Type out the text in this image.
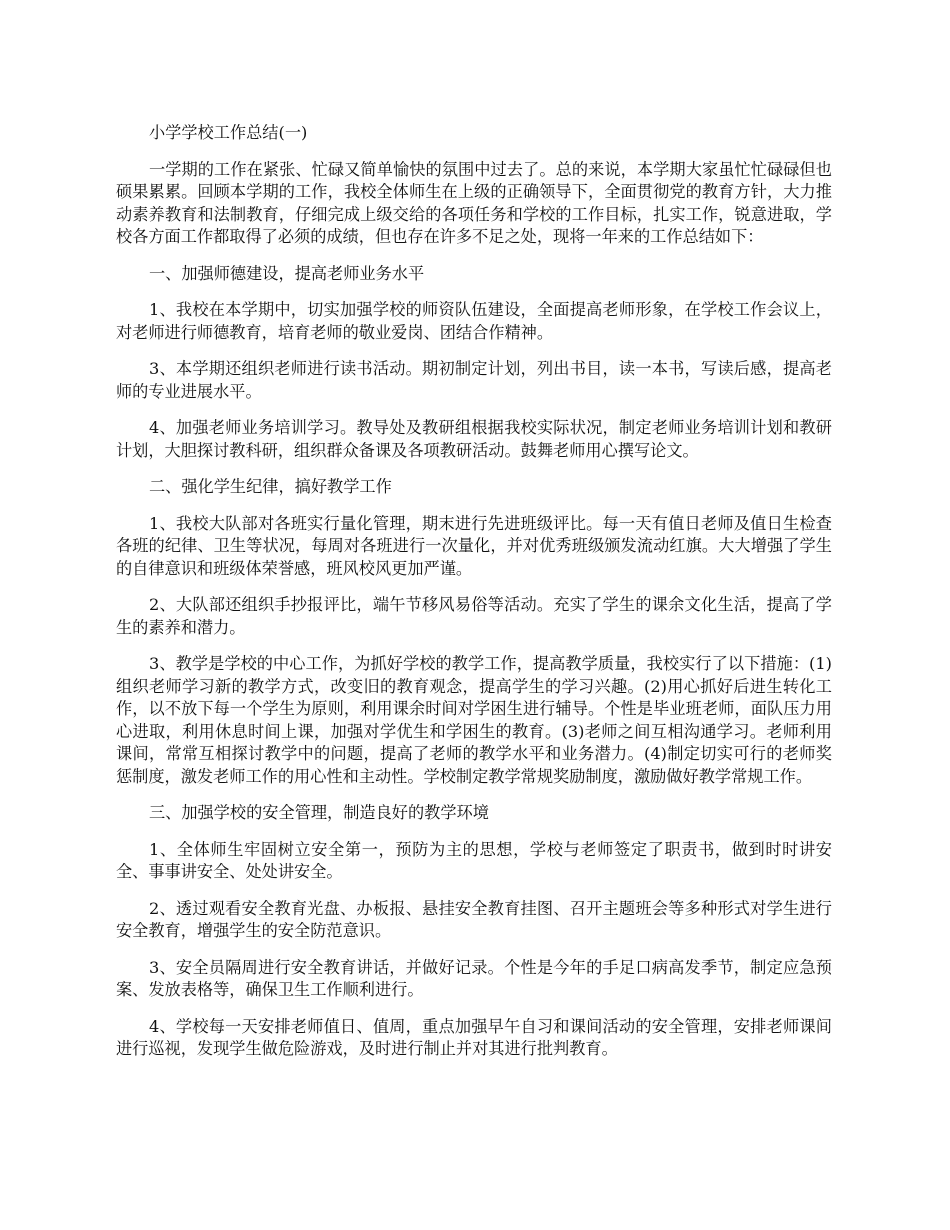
小学学校工作总结(一)

一学期的工作在紧张、忙碌又简单愉快的氛围中过去了。总的来说，本学期大家虽忙忙碌碌但也硕果累累。回顾本学期的工作，我校全体师生在上级的正确领导下，全面贯彻党的教育方针，大力推动素养教育和法制教育，仔细完成上级交给的各项任务和学校的工作目标，扎实工作，锐意进取，学校各方面工作都取得了必须的成绩，但也存在许多不足之处，现将一年来的工作总结如下：

一、加强师德建设，提高老师业务水平

1、我校在本学期中，切实加强学校的师资队伍建设，全面提高老师形象，在学校工作会议上，对老师进行师德教育，培育老师的敬业爱岗、团结合作精神。

3、本学期还组织老师进行读书活动。期初制定计划，列出书目，读一本书，写读后感，提高老师的专业进展水平。

4、加强老师业务培训学习。教导处及教研组根据我校实际状况，制定老师业务培训计划和教研计划，大胆探讨教科研，组织群众备课及各项教研活动。鼓舞老师用心撰写论文。

二、强化学生纪律，搞好教学工作

1、我校大队部对各班实行量化管理，期末进行先进班级评比。每一天有值日老师及值日生检查各班的纪律、卫生等状况，每周对各班进行一次量化，并对优秀班级颁发流动红旗。大大增强了学生的自律意识和班级体荣誉感，班风校风更加严谨。

2、大队部还组织手抄报评比，端午节移风易俗等活动。充实了学生的课余文化生活，提高了学生的素养和潜力。

3、教学是学校的中心工作，为抓好学校的教学工作，提高教学质量，我校实行了以下措施：(1)组织老师学习新的教学方式，改变旧的教育观念，提高学生的学习兴趣。(2)用心抓好后进生转化工作，以不放下每一个学生为原则，利用课余时间对学困生进行辅导。个性是毕业班老师，面队压力用心进取，利用休息时间上课，加强对学优生和学困生的教育。(3)老师之间互相沟通学习。老师利用课间，常常互相探讨教学中的问题，提高了老师的教学水平和业务潜力。(4)制定切实可行的老师奖惩制度，激发老师工作的用心性和主动性。学校制定教学常规奖励制度，激励做好教学常规工作。

三、加强学校的安全管理，制造良好的教学环境

1、全体师生牢固树立安全第一，预防为主的思想，学校与老师签定了职责书，做到时时讲安全、事事讲安全、处处讲安全。

2、透过观看安全教育光盘、办板报、悬挂安全教育挂图、召开主题班会等多种形式对学生进行安全教育，增强学生的安全防范意识。

3、安全员隔周进行安全教育讲话，并做好记录。个性是今年的手足口病高发季节，制定应急预案、发放表格等，确保卫生工作顺利进行。

4、学校每一天安排老师值日、值周，重点加强早午自习和课间活动的安全管理，安排老师课间进行巡视，发现学生做危险游戏，及时进行制止并对其进行批判教育。
